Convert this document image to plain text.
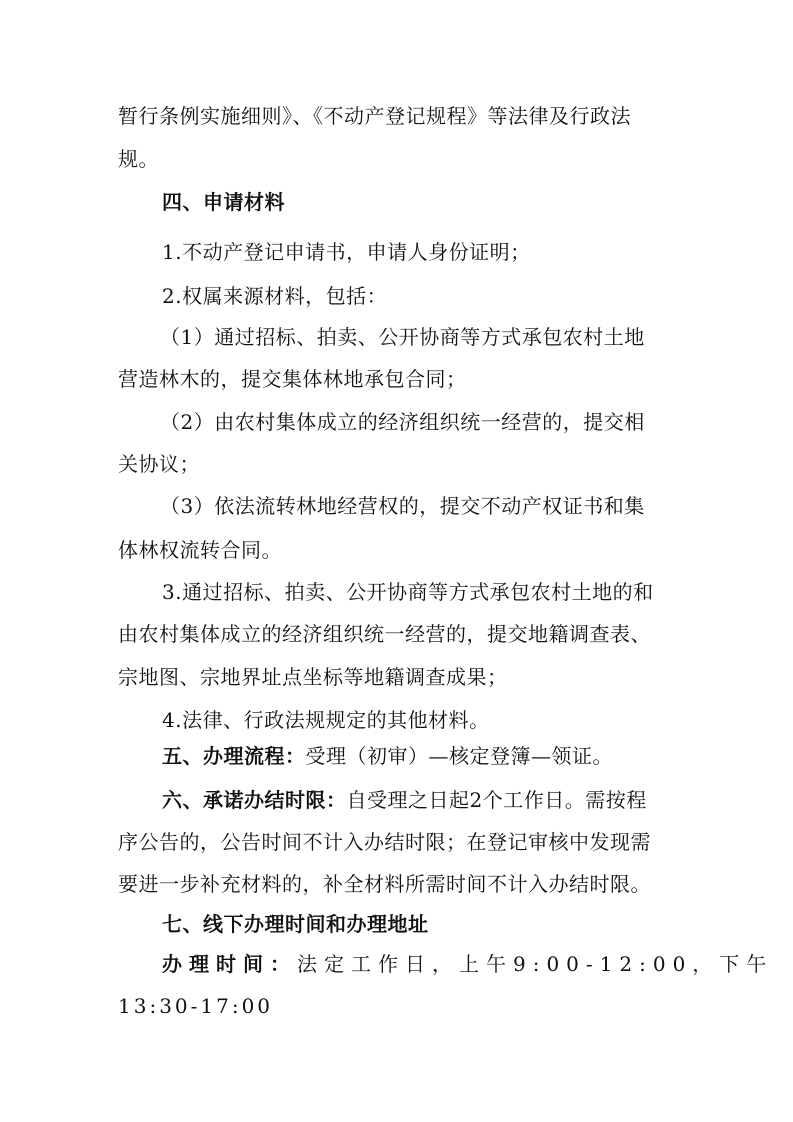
暂行条例实施细则》、《不动产登记规程》等法律及行政法
规。
四、申请材料
1.不动产登记申请书，申请人身份证明；
2.权属来源材料，包括：
（1）通过招标、拍卖、公开协商等方式承包农村土地
营造林木的，提交集体林地承包合同；
（2）由农村集体成立的经济组织统一经营的，提交相
关协议；
（3）依法流转林地经营权的，提交不动产权证书和集
体林权流转合同。
3.通过招标、拍卖、公开协商等方式承包农村土地的和
由农村集体成立的经济组织统一经营的，提交地籍调查表、
宗地图、宗地界址点坐标等地籍调查成果；
4.法律、行政法规规定的其他材料。
五、办理流程：受理（初审）—核定登簿—领证。
六、承诺办结时限：自受理之日起2个工作日。需按程
序公告的，公告时间不计入办结时限；在登记审核中发现需
要进一步补充材料的，补全材料所需时间不计入办结时限。
七、线下办理时间和办理地址
办理时间：法定工作日，上午9:00-12:00，下午
13:30-17:00
